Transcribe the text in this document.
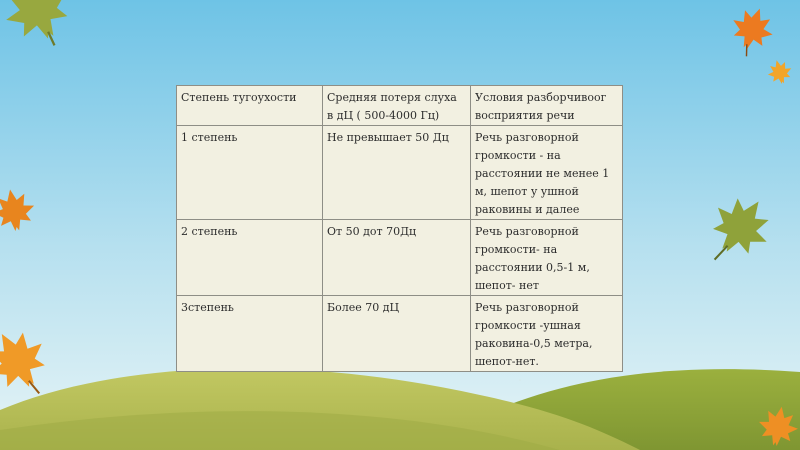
Степень тугоухости	Средняя потеря слуха в дЦ ( 500-4000 Гц)	Условия разборчивоог восприятия речи
1 степень	Не превышает 50 Дц	Речь разговорной громкости - на расстоянии не менее 1 м, шепот у ушной раковины и далее
2 степень	От 50 дот 70Дц	Речь разговорной громкости- на расстоянии 0,5-1 м, шепот- нет
3степень	Более 70 дЦ	Речь разговорной громкости -ушная раковина-0,5 метра, шепот-нет.
